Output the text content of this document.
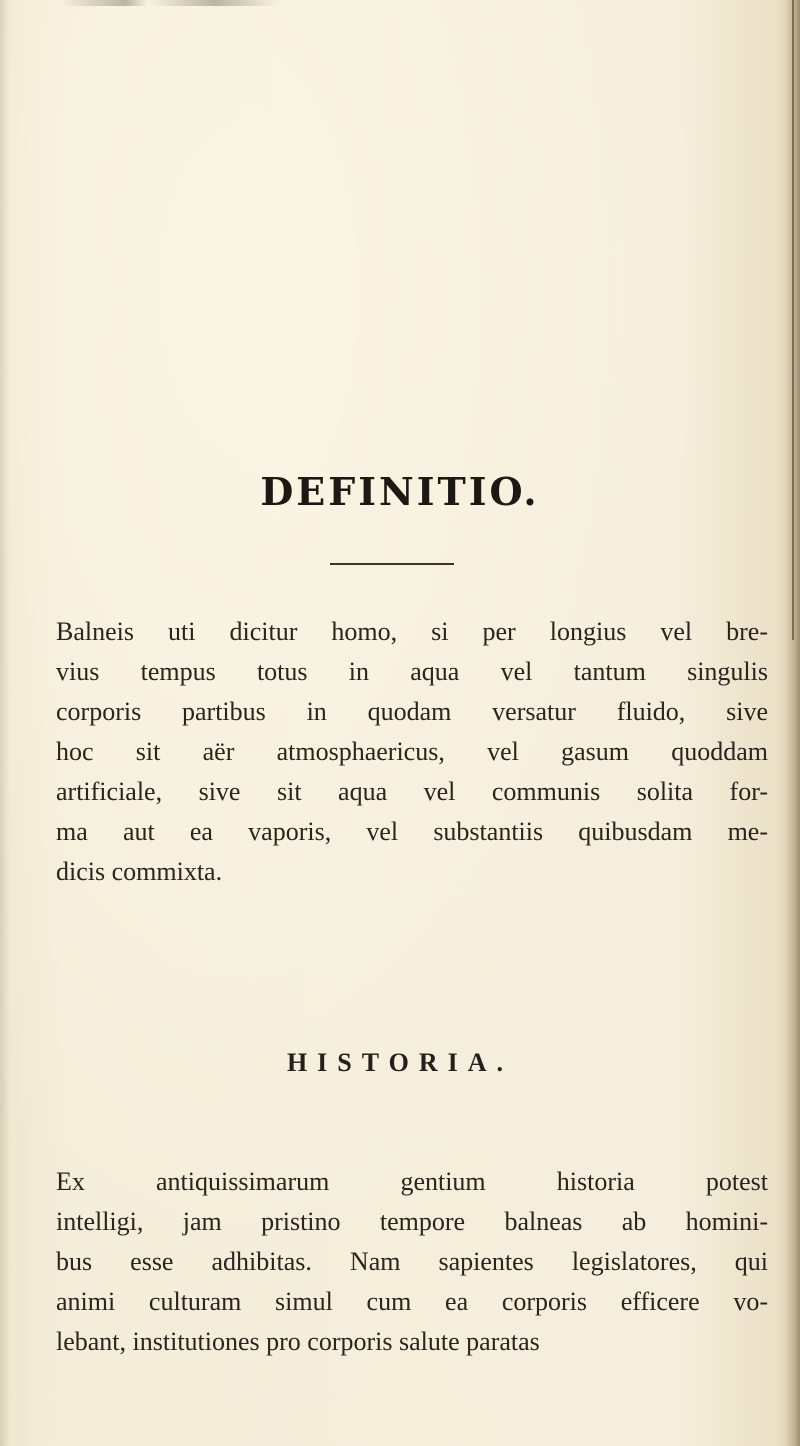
DEFINITIO.
Balneis uti dicitur homo, si per longius vel bre-
vius tempus totus in aqua vel tantum singulis
corporis partibus in quodam versatur fluido, sive
hoc sit aër atmosphaericus, vel gasum quoddam
artificiale, sive sit aqua vel communis solita for-
ma aut ea vaporis, vel substantiis quibusdam me-
dicis commixta.
HISTORIA.
Ex antiquissimarum gentium historia potest
intelligi, jam pristino tempore balneas ab homini-
bus esse adhibitas. Nam sapientes legislatores, qui
animi culturam simul cum ea corporis efficere vo-
lebant, institutiones pro corporis salute paratas
